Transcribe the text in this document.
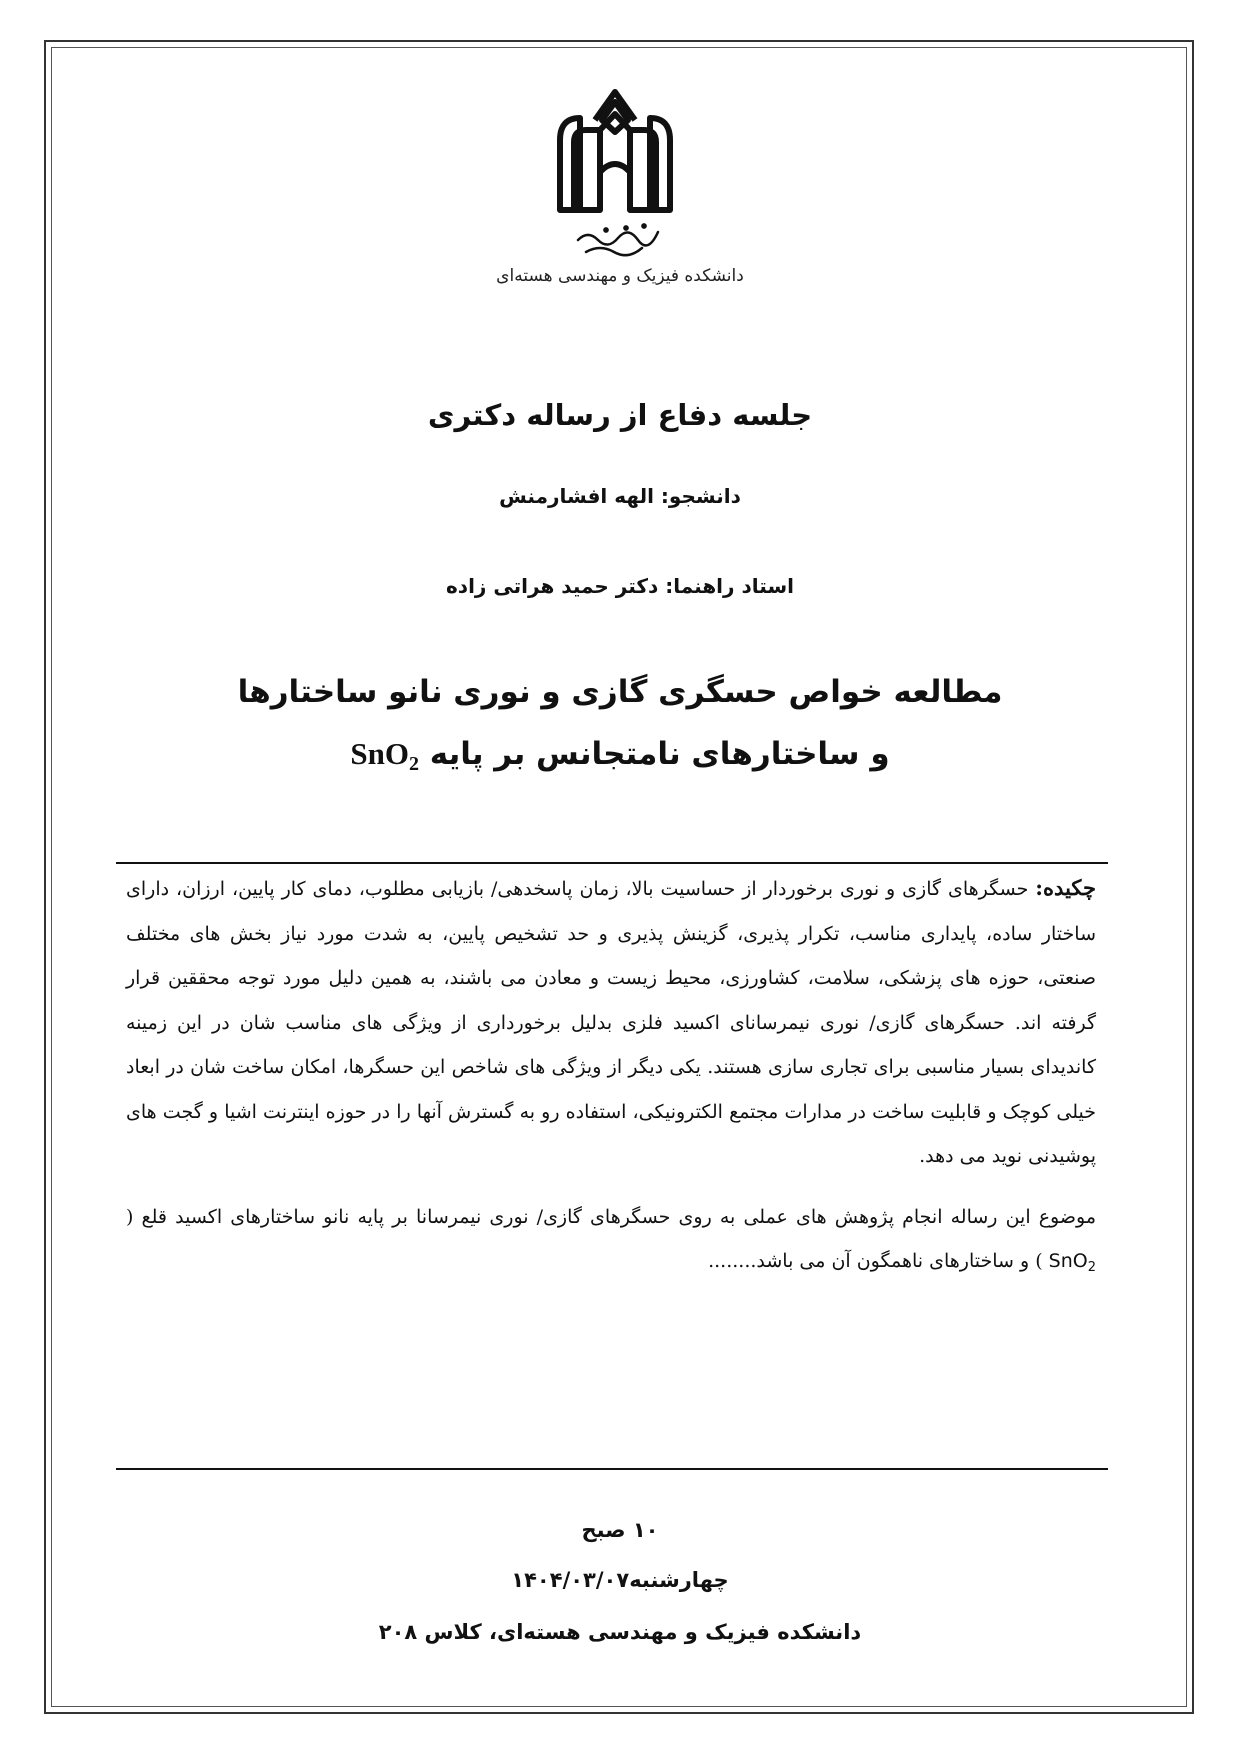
دانشگاه صنعتی شاهرود
دانشکده فیزیک و مهندسی هسته‌ای
جلسه دفاع از رساله دکتری
دانشجو: الهه افشارمنش
استاد راهنما: دکتر حمید هراتی زاده
مطالعه خواص حسگری گازی و نوری نانو ساختارها
و ساختارهای نامتجانس بر پایه SnO$_2$

چکیده: حسگرهای گازی و نوری برخوردار از حساسیت بالا، زمان پاسخدهی/ بازیابی مطلوب، دمای کار پایین، ارزان، دارای ساختار ساده، پایداری مناسب، تکرار پذیری، گزینش پذیری و حد تشخیص پایین، به شدت مورد نیاز بخش های مختلف صنعتی، حوزه های پزشکی، سلامت، کشاورزی، محیط زیست و معادن می باشند، به همین دلیل مورد توجه محققین قرار گرفته اند. حسگرهای گازی/ نوری نیمرسانای اکسید فلزی بدلیل برخورداری از ویژگی های مناسب شان در این زمینه کاندیدای بسیار مناسبی برای تجاری سازی هستند. یکی دیگر از ویژگی های شاخص این حسگرها، امکان ساخت شان در ابعاد خیلی کوچک و قابلیت ساخت در مدارات مجتمع الکترونیکی، استفاده رو به گسترش آنها را در حوزه اینترنت اشیا و گجت های پوشیدنی نوید می دهد.

موضوع این رساله انجام پژوهش های عملی به روی حسگرهای گازی/ نوری نیمرسانا بر پایه نانو ساختارهای اکسید قلع ( SnO$_2$ ) و ساختارهای ناهمگون آن می باشد........

۱۰ صبح
چهارشنبه۱۴۰۴/۰۳/۰۷
دانشکده فیزیک و مهندسی هسته‌ای، کلاس ۲۰۸
